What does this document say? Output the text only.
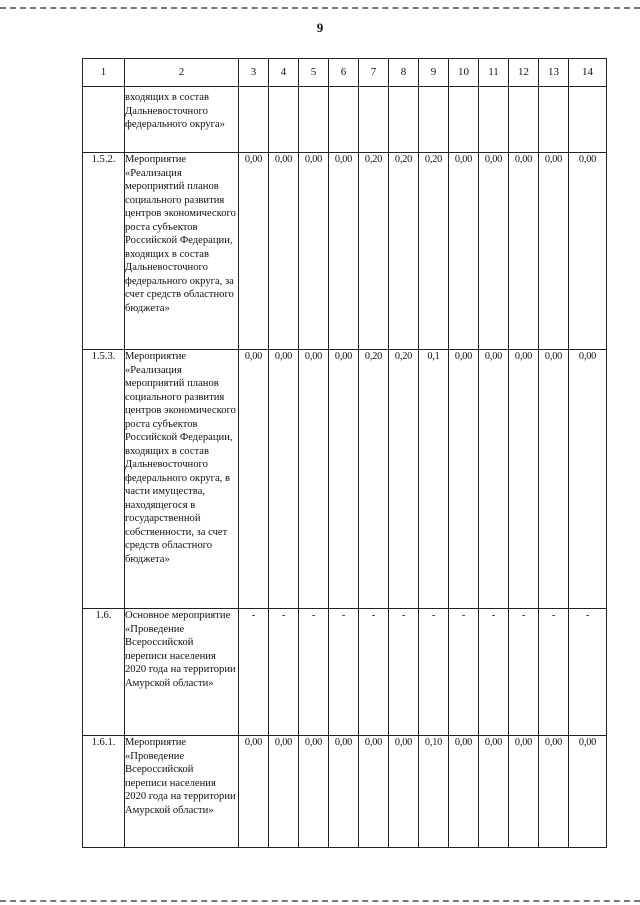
9
1	2	3	4	5	6	7	8	9	10	11	12	13	14
	входящих в состав Дальневосточного федерального округа»												
1.5.2.	Мероприятие «Реализация мероприятий планов социального развития центров экономического роста субъектов Российской Федерации, входящих в состав Дальневосточного федерального округа, за счет средств областного бюджета»	0,00	0,00	0,00	0,00	0,20	0,20	0,20	0,00	0,00	0,00	0,00	0,00
1.5.3.	Мероприятие «Реализация мероприятий планов социального развития центров экономического роста субъектов Российской Федерации, входящих в состав Дальневосточного федерального округа, в части имущества, находящегося в государственной собственности, за счет средств областного бюджета»	0,00	0,00	0,00	0,00	0,20	0,20	0,1	0,00	0,00	0,00	0,00	0,00
1.6.	Основное мероприятие «Проведение Всероссийской переписи населения 2020 года на территории Амурской области»	-	-	-	-	-	-	-	-	-	-	-	-
1.6.1.	Мероприятие «Проведение Всероссийской переписи населения 2020 года на территории Амурской области»	0,00	0,00	0,00	0,00	0,00	0,00	0,10	0,00	0,00	0,00	0,00	0,00
